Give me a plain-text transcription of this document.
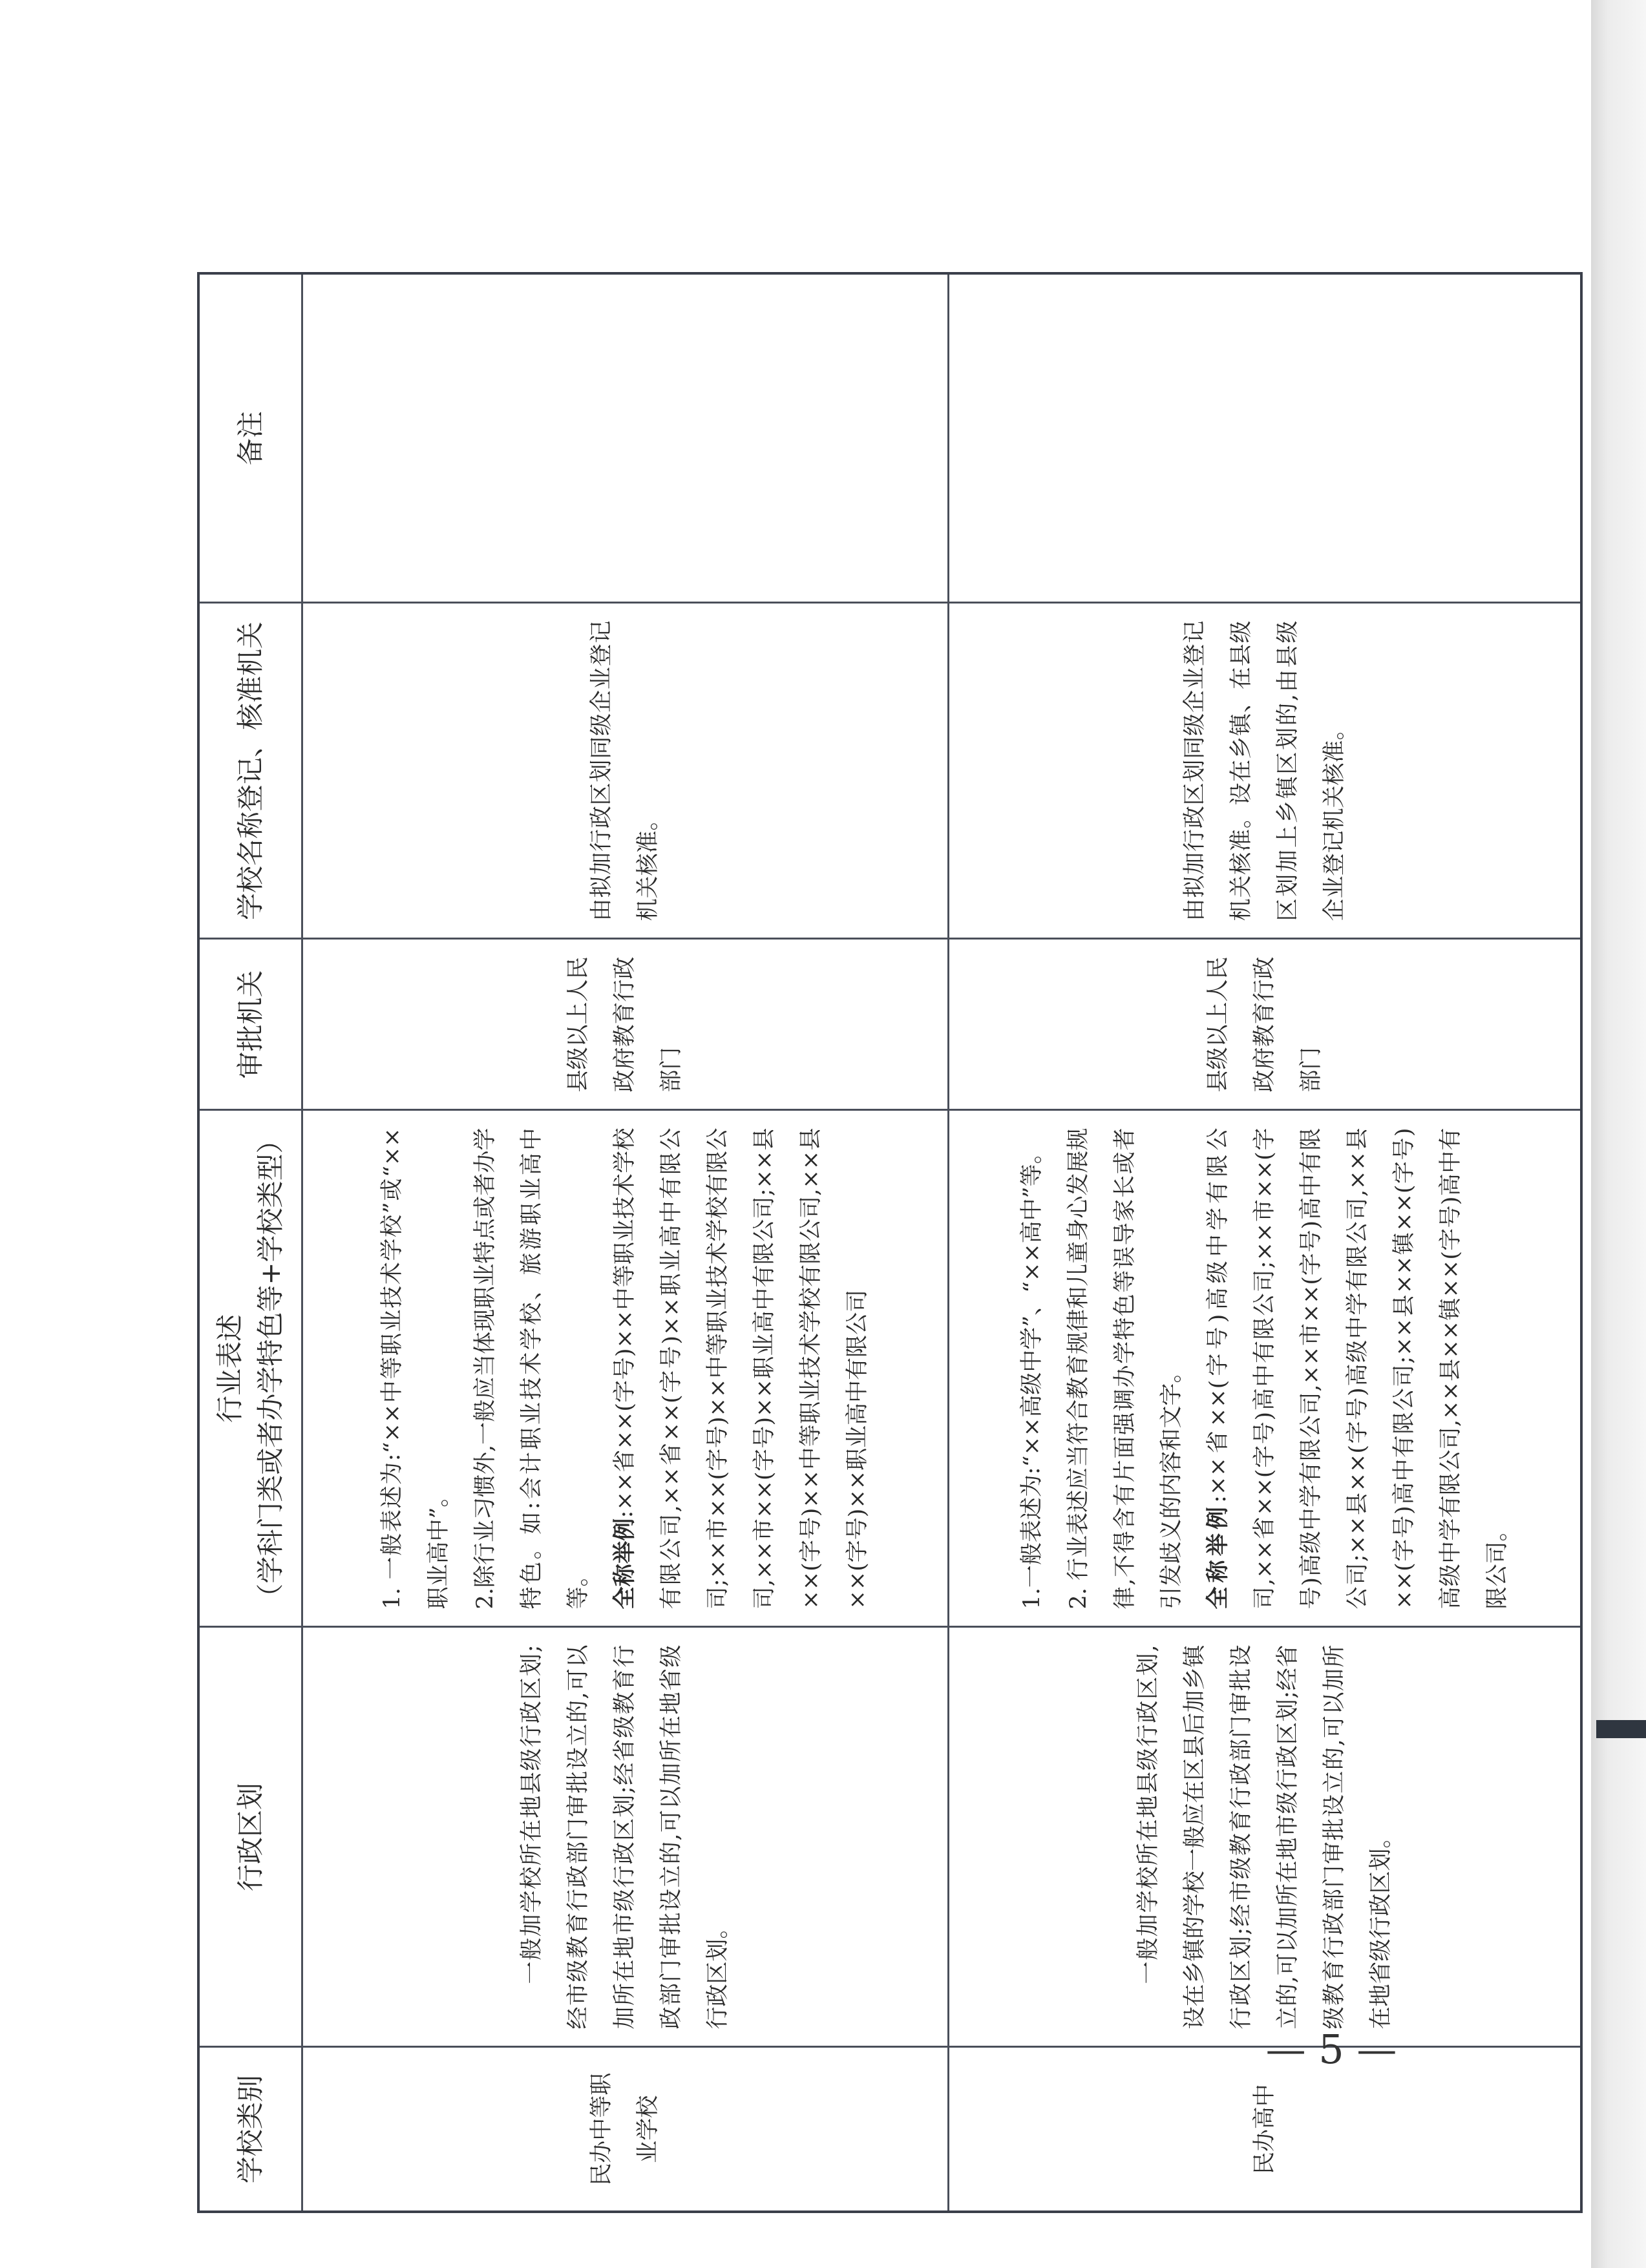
学校类别	行政区划	行业表述 （学科门类或者办学特色等+学校类型）	审批机关	学校名称登记、核准机关	备注

民办中等职业学校	一般加学校所在地县级行政区划;经市级教育行政部门审批设立的,可以加所在地市级行政区划;经省级教育行政部门审批设立的,可以加所在地省级行政区划。	1. 一般表述为:“××中等职业技术学校”或“××职业高中”。 2.除行业习惯外,一般应当体现职业特点或者办学特色。如:会计职业技术学校、旅游职业高中等。 全称举例:××省××(字号)××中等职业技术学校有限公司,××省××(字号)××职业高中有限公司;××市××(字号)××中等职业技术学校有限公司,××市××(字号)××职业高中有限公司;××县××(字号)××中等职业技术学校有限公司,××县××(字号)××职业高中有限公司	县级以上人民政府教育行政部门	由拟加行政区划同级企业登记机关核准。	

民办高中	一般加学校所在地县级行政区划,设在乡镇的学校一般应在区县后加乡镇行政区划;经市级教育行政部门审批设立的,可以加所在地市级行政区划;经省级教育行政部门审批设立的,可以加所在地省级行政区划。	1.一般表述为:“××高级中学”、“××高中”等。 2. 行业表述应当符合教育规律和儿童身心发展规律,不得含有片面强调办学特色等误导家长或者引发歧义的内容和文字。 全称举例:××省××(字号)高级中学有限公司,××省××(字号)高中有限公司;××市××(字号)高级中学有限公司,××市××(字号)高中有限公司;××县××(字号)高级中学有限公司,××县××(字号)高中有限公司;××县××镇××(字号)高级中学有限公司,××县××镇××(字号)高中有限公司。	县级以上人民政府教育行政部门	由拟加行政区划同级企业登记机关核准。设在乡镇、在县级区划加上乡镇区划的,由县级企业登记机关核准。	

— 5 —
